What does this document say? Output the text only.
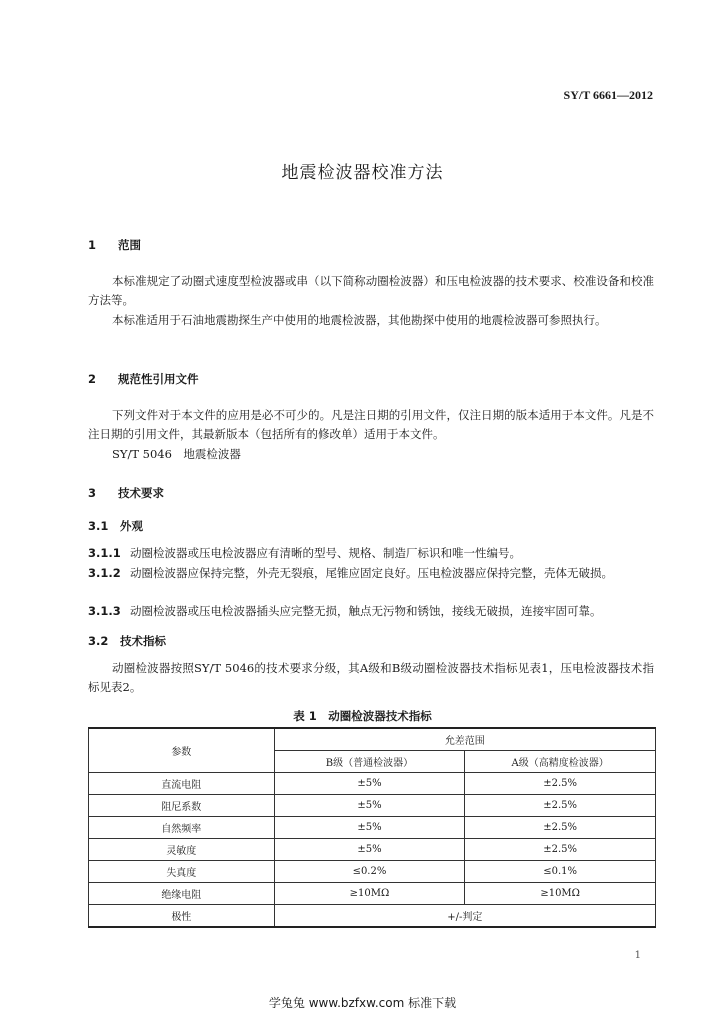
SY/T 6661—2012
地震检波器校准方法
1 范围
本标准规定了动圈式速度型检波器或串（以下简称动圈检波器）和压电检波器的技术要求、校准设备和校准方法等。
本标准适用于石油地震勘探生产中使用的地震检波器，其他勘探中使用的地震检波器可参照执行。
2 规范性引用文件
下列文件对于本文件的应用是必不可少的。凡是注日期的引用文件，仅注日期的版本适用于本文件。凡是不注日期的引用文件，其最新版本（包括所有的修改单）适用于本文件。
SY/T 5046　地震检波器
3 技术要求
3.1 外观
3.1.1 动圈检波器或压电检波器应有清晰的型号、规格、制造厂标识和唯一性编号。
3.1.2 动圈检波器应保持完整，外壳无裂痕，尾锥应固定良好。压电检波器应保持完整，壳体无破损。
3.1.3 动圈检波器或压电检波器插头应完整无损，触点无污物和锈蚀，接线无破损，连接牢固可靠。
3.2 技术指标
动圈检波器按照SY/T 5046的技术要求分级，其A级和B级动圈检波器技术指标见表1，压电检波器技术指标见表2。
表 1　动圈检波器技术指标
参数	允差范围	
	B级（普通检波器）	A级（高精度检波器）
直流电阻	±5%	±2.5%
阻尼系数	±5%	±2.5%
自然频率	±5%	±2.5%
灵敏度	±5%	±2.5%
失真度	≤0.2%	≤0.1%
绝缘电阻	≥10MΩ	≥10MΩ
极性	+/-判定	
1
学兔兔 www.bzfxw.com 标准下载
